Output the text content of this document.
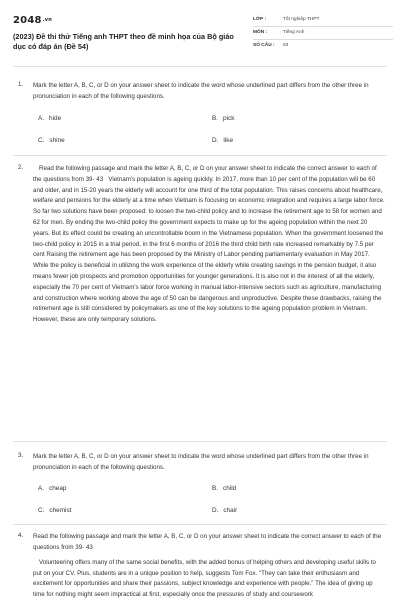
2048.vn
(2023) Đề thi thử Tiếng anh THPT theo đề minh họa của Bộ giáo dục có đáp án (Đề 54)
LỚP :	Tốt nghiệp THPT
MÔN :	Tiếng Anh
SỐ CÂU : 53
1. Mark the letter A, B, C, or D on your answer sheet to indicate the word whose underlined part differs from the other three in pronunciation in each of the following questions.
A. hide	B. pick
C. shine	D. like
2.	Read the following passage and mark the letter A, B, C, or D on your answer sheet to indicate the correct answer to each of the questions from 39- 43 Vietnam's population is ageing quickly. In 2017, more than 10 per cent of the population will be 60 and older, and in 15-20 years the elderly will account for one third of the total population. This raises concerns about healthcare, welfare and pensions for the elderly at a time when Vietnam is focusing on economic integration and requires a large labor force. So far two solutions have been proposed: to loosen the two-child policy and to increase the retirement age to 58 for women and 62 for men. By ending the two-child policy the government expects to make up for the ageing population within the next 20 years. But its effect could be creating an uncontrollable boom in the Vietnamese population. When the government loosened the two-child policy in 2015 in a trial period, in the first 6 months of 2016 the third child birth rate increased remarkably by 7.5 per cent Raising the retirement age has been proposed by the Ministry of Labor pending parliamentary evaluation in May 2017. While the policy is beneficial in utilizing the work experience of the elderly while creating savings in the pension budget, it also means fewer job prospects and promotion opportunities for younger generations. It is also not in the interest of all the elderly, especially the 70 per cent of Vietnam's labor force working in manual labor-intensive sectors such as agriculture, manufacturing and construction where working above the age of 50 can be dangerous and unproductive. Despite these drawbacks, raising the retirement age is still considered by policymakers as one of the key solutions to the ageing population problem in Vietnam. However, these are only temporary solutions.
3. Mark the letter A, B, C, or D on your answer sheet to indicate the word whose underlined part differs from the other three in pronunciation in each of the following questions.
A. cheap	B. child
C. chemist	D. chair
4. Read the following passage and mark the letter A, B, C, or D on your answer sheet to indicate the correct answer to each of the questions from 39- 43
Volunteering offers many of the same social benefits, with the added bonus of helping others and developing useful skills to put on your CV. Plus, students are in a unique position to help, suggests Tom Fox. "They can take their enthusiasm and excitement for opportunities and share their passions, subject knowledge and experience with people." The idea of giving up time for nothing might seem impractical at first, especially once the pressures of study and coursework
